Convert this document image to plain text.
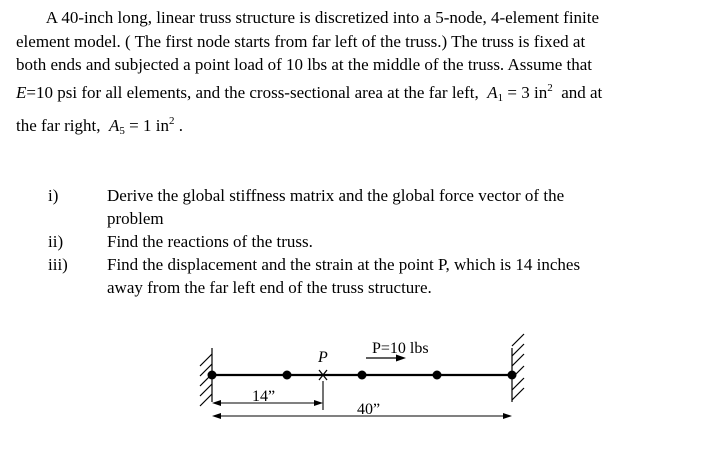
A 40-inch long, linear truss structure is discretized into a 5-node, 4-element finite
element model. ( The first node starts from far left of the truss.) The truss is fixed at
both ends and subjected a point load of 10 lbs at the middle of the truss. Assume that
E=10 psi for all elements, and the cross-sectional area at the far left, $A_1 = 3$ $in^2$ and at
the far right, $A_5 = 1$ $in^2$ .
i)	Derive the global stiffness matrix and the global force vector of the
problem
ii)	Find the reactions of the truss.
iii) Find the displacement and the strain at the point P, which is 14 inches
away from the far left end of the truss structure.
P
P=10 lbs
14”
40”
